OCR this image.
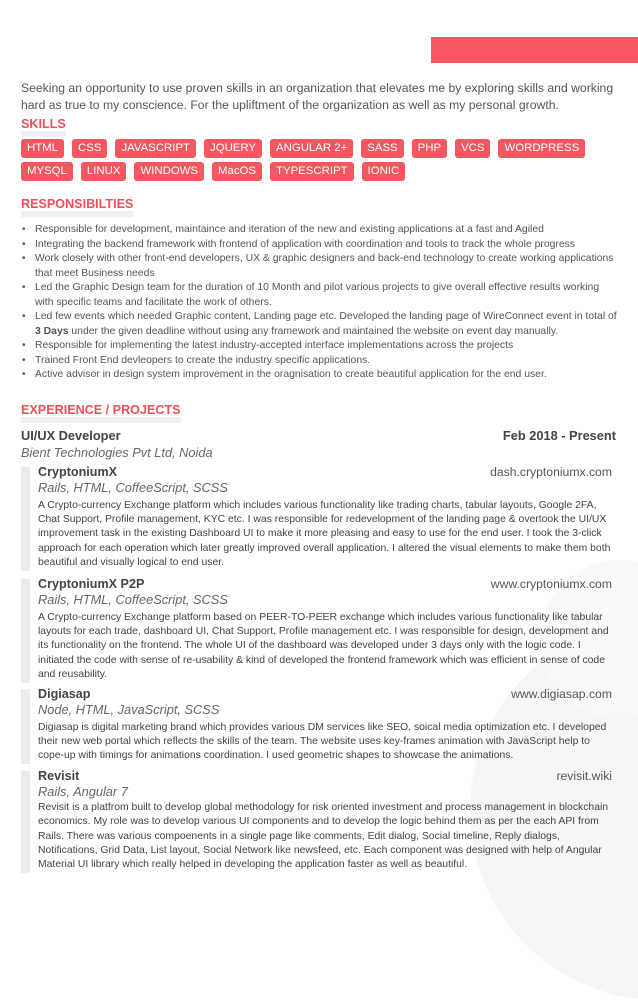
Seeking an opportunity to use proven skills in an organization that elevates me by exploring skills and working hard as true to my conscience. For the upliftment of the organization as well as my personal growth.

SKILLS
HTML	CSS	JAVASCRIPT	JQUERY	ANGULAR 2+	SASS	PHP	VCS	WORDPRESS
MYSQL	LINUX	WINDOWS	MacOS	TYPESCRIPT	IONIC
RESPONSIBILTIES
• Responsible for development, maintaince and iteration of the new and existing applications at a fast and Agiled
• Integrating the backend framework with frontend of application with coordination and tools to track the whole progress
• Work closely with other front-end developers, UX & graphic designers and back-end technology to create working applications that meet Business needs
• Led the Graphic Design team for the duration of 10 Month and pilot various projects to give overall effective results working with specific teams and facilitate the work of others.
• Led few events which needed Graphic content, Landing page etc. Developed the landing page of WireConnect event in total of 3 Days under the given deadline without using any framework and maintained the website on event day manually.
• Responsible for implementing the latest industry-accepted interface implementations across the projects
• Trained Front End devleopers to create the industry specific applications.
• Active advisor in design system improvement in the oragnisation to create beautiful application for the end user.
EXPERIENCE / PROJECTS
UI/UX Developer	Feb 2018 - Present
Bient Technologies Pvt Ltd, Noida
CryptoniumX	dash.cryptoniumx.com
Rails, HTML, CoffeeScript, SCSS

A Crypto-currency Exchange platform which includes various functionality like trading charts, tabular layouts, Google 2FA, Chat Support, Profile management, KYC etc. I was responsible for redevelopment of the landing page & overtook the UI/UX improvement task in the existing Dashboard UI to make it more pleasing and easy to use for the end user. I took the 3-click approach for each operation which later greatly improved overall application. I altered the visual elements to make them both beautiful and visually logical to end user.

CryptoniumX P2P	www.cryptoniumx.com
Rails, HTML, CoffeeScript, SCSS

A Crypto-currency Exchange platform based on PEER-TO-PEER exchange which includes various functionality like tabular layouts for each trade, dashboard UI, Chat Support, Profile management etc. I was responsible for design, development and its functionality on the frontend. The whole UI of the dashboard was developed under 3 days only with the logic code. I initiated the code with sense of re-usability & kind of developed the frontend framework which was efficient in sense of code and reusability.

Digiasap	www.digiasap.com
Node, HTML, JavaScript, SCSS

Digiasap is digital marketing brand which provides various DM services like SEO, soical media optimization etc. I developed their new web portal which reflects the skills of the team. The website uses key-frames animation with JavaScript help to cope-up with timings for animations coordination. I used geometric shapes to showcase the animations.

Revisit	revisit.wiki
Rails, Angular 7

Revisit is a platfrom built to develop global methodology for risk oriented investment and process management in blockchain economics. My role was to develop various UI components and to develop the logic behind them as per the each API from Rails. There was various compoenents in a single page like comments, Edit dialog, Social timeline, Reply dialogs, Notifications, Grid Data, List layout, Social Network like newsfeed, etc. Each component was designed with help of Angular Material UI library which really helped in developing the application faster as well as beautiful.
